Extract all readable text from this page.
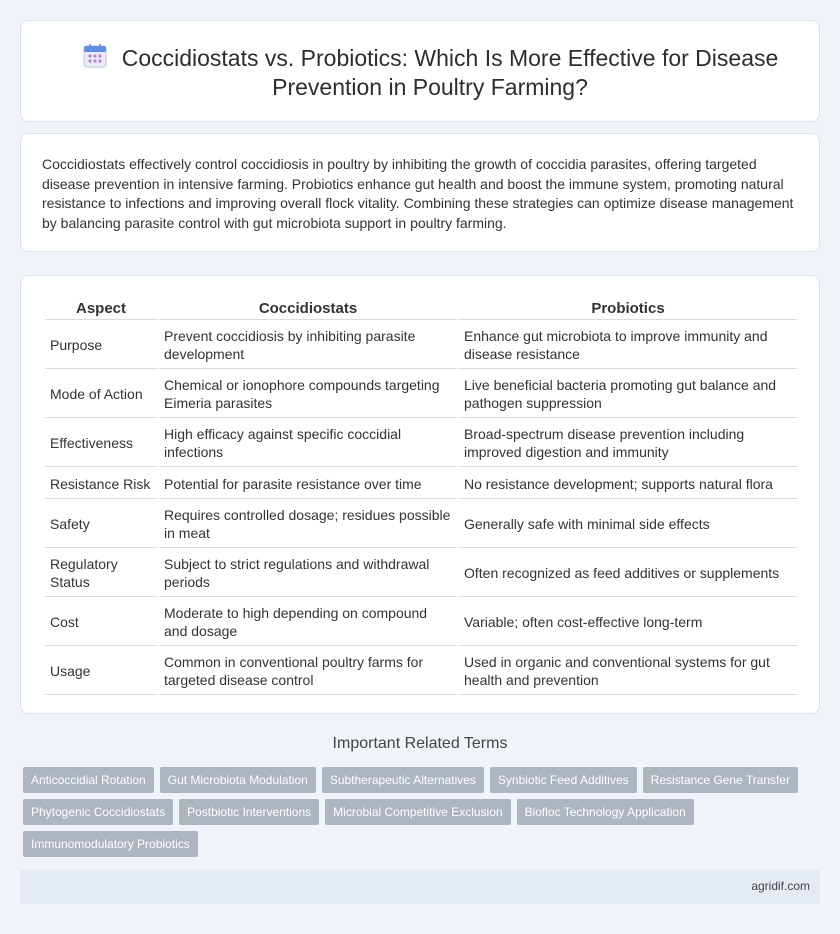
Coccidiostats vs. Probiotics: Which Is More Effective for Disease Prevention in Poultry Farming?

Coccidiostats effectively control coccidiosis in poultry by inhibiting the growth of coccidia parasites, offering targeted disease prevention in intensive farming. Probiotics enhance gut health and boost the immune system, promoting natural resistance to infections and improving overall flock vitality. Combining these strategies can optimize disease management by balancing parasite control with gut microbiota support in poultry farming.

Aspect	Coccidiostats	Probiotics
Purpose	Prevent coccidiosis by inhibiting parasite development	Enhance gut microbiota to improve immunity and disease resistance
Mode of Action	Chemical or ionophore compounds targeting Eimeria parasites	Live beneficial bacteria promoting gut balance and pathogen suppression
Effectiveness	High efficacy against specific coccidial infections	Broad-spectrum disease prevention including improved digestion and immunity
Resistance Risk	Potential for parasite resistance over time	No resistance development; supports natural flora
Safety	Requires controlled dosage; residues possible in meat	Generally safe with minimal side effects
Regulatory Status	Subject to strict regulations and withdrawal periods	Often recognized as feed additives or supplements
Cost	Moderate to high depending on compound and dosage	Variable; often cost-effective long-term
Usage	Common in conventional poultry farms for targeted disease control	Used in organic and conventional systems for gut health and prevention
Important Related Terms
Anticoccidial Rotation	Gut Microbiota Modulation	Subtherapeutic Alternatives	Synbiotic Feed Additives	Resistance Gene Transfer
Phytogenic Coccidiostats	Postbiotic Interventions	Microbial Competitive Exclusion	Biofloc Technology Application
Immunomodulatory Probiotics
agridif.com
